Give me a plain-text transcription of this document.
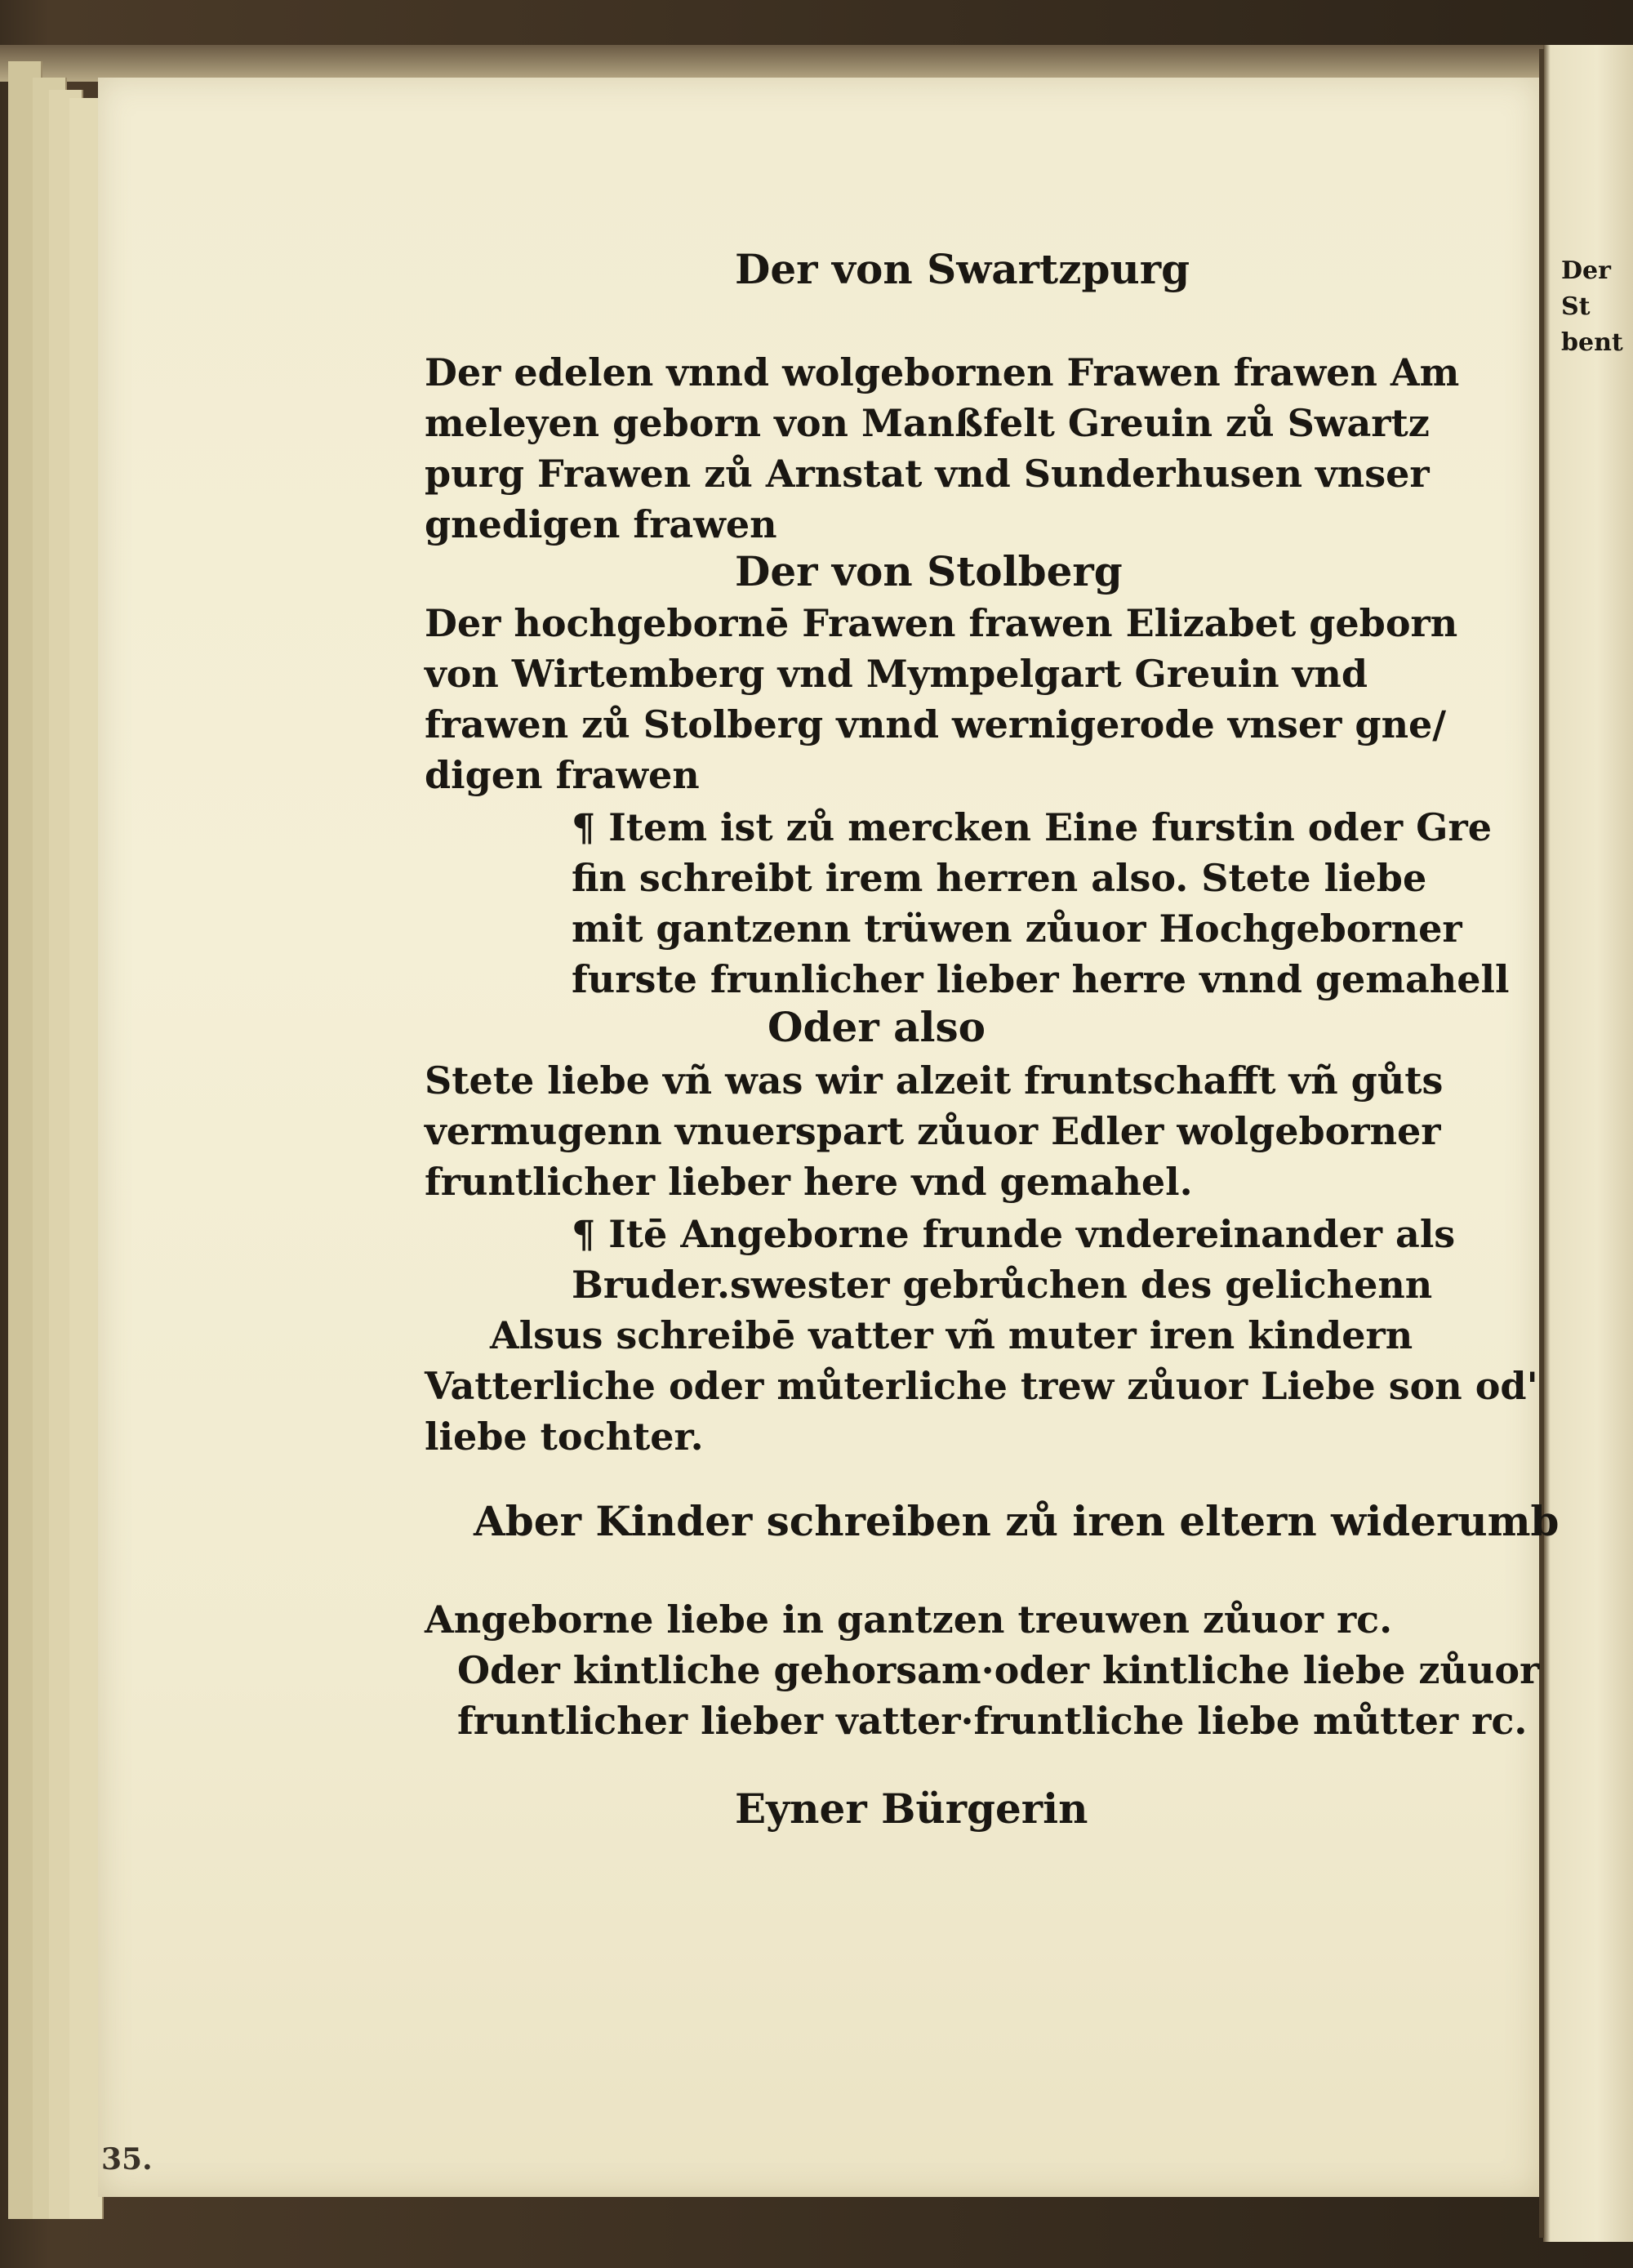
Der
St
bent
Der von Swartzpurg
Der edelen vnnd wolgebornen Frawen frawen Am
meleyen geborn von Manßfelt Greuin zů Swartz
purg Frawen zů Arnstat vnd Sunderhusen vnser
gnedigen frawen
Der von Stolberg
Der hochgebornē Frawen frawen Elizabet geborn
von Wirtemberg vnd Mympelgart Greuin vnd
frawen zů Stolberg vnnd wernigerode vnser gne/
digen frawen
¶ Item ist zů mercken Eine furstin oder Gre
fin schreibt irem herren also. Stete liebe
mit gantzenn trüwen zůuor Hochgeborner
furste frunlicher lieber herre vnnd gemahell
Oder also
Stete liebe vñ was wir alzeit fruntschafft vñ gůts
vermugenn vnuerspart zůuor Edler wolgeborner
fruntlicher lieber here vnd gemahel.
¶ Itē Angeborne frunde vndereinander als
Bruder.swester gebrůchen des gelichenn
Alsus schreibē vatter vñ muter iren kindern
Vatterliche oder můterliche trew zůuor Liebe son od'
liebe tochter.
Aber Kinder schreiben zů iren eltern widerumb
Angeborne liebe in gantzen treuwen zůuor rc.
Oder kintliche gehorsam·oder kintliche liebe zůuor
fruntlicher lieber vatter·fruntliche liebe můtter rc.
Eyner Bürgerin
35.
